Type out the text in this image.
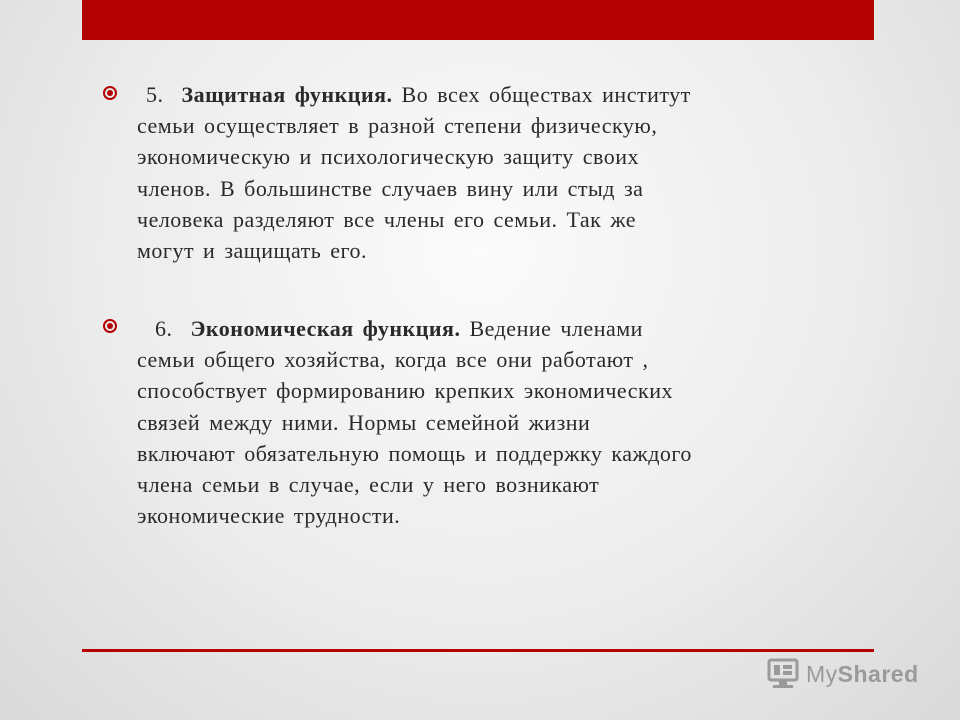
5. Защитная функция. Во всех обществах институт
семьи осуществляет в разной степени физическую,
экономическую и психологическую защиту своих
членов. В большинстве случаев вину или стыд за
человека разделяют все члены его семьи. Так же
могут и защищать его.
6. Экономическая функция. Ведение членами
семьи общего хозяйства, когда все они работают ,
способствует формированию крепких экономических
связей между ними. Нормы семейной жизни
включают обязательную помощь и поддержку каждого
члена семьи в случае, если у него возникают
экономические трудности.
MyShared
